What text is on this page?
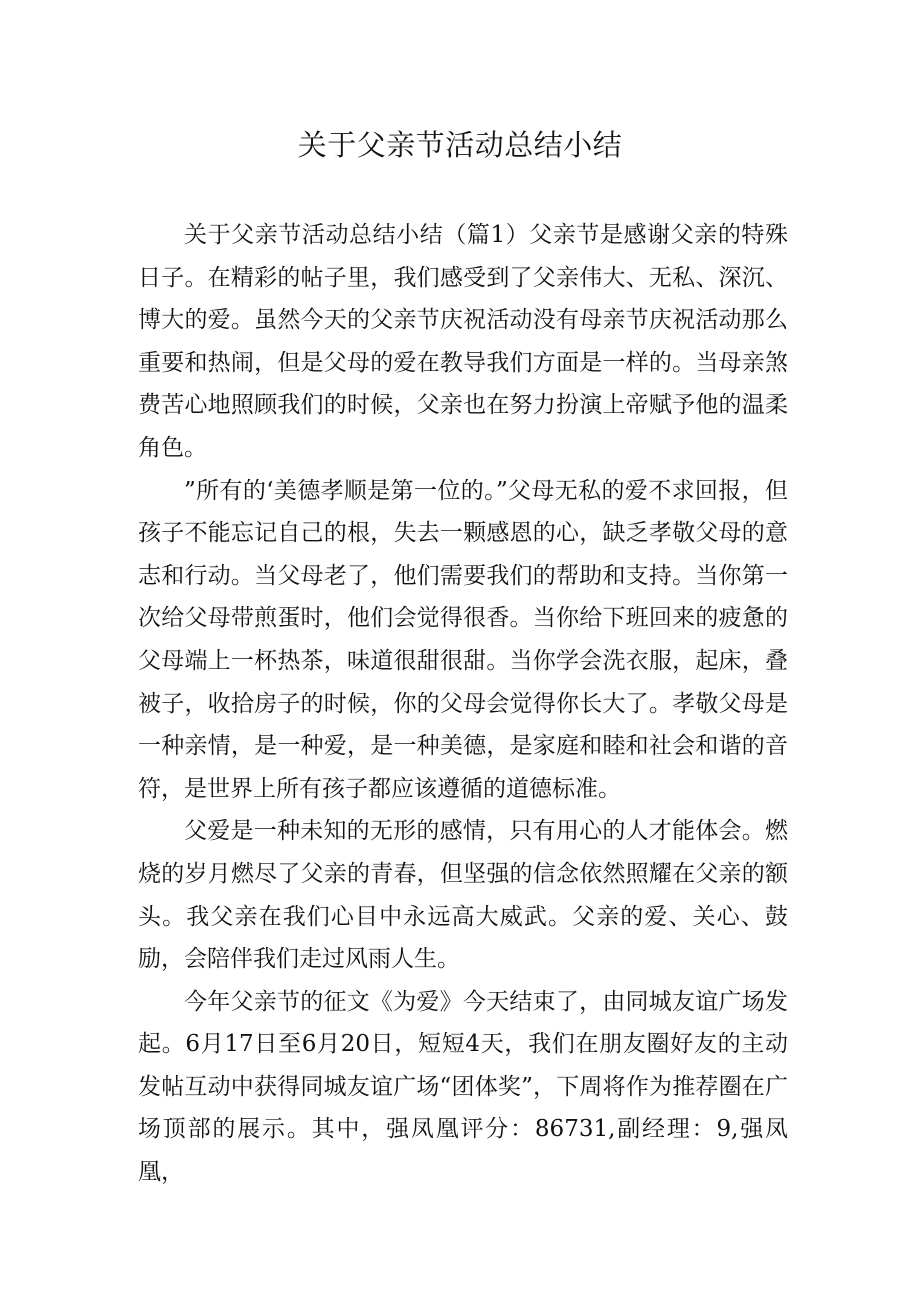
关于父亲节活动总结小结

关于父亲节活动总结小结（篇1）父亲节是感谢父亲的特殊日子。在精彩的帖子里，我们感受到了父亲伟大、无私、深沉、博大的爱。虽然今天的父亲节庆祝活动没有母亲节庆祝活动那么重要和热闹，但是父母的爱在教导我们方面是一样的。当母亲煞费苦心地照顾我们的时候，父亲也在努力扮演上帝赋予他的温柔角色。

”所有的‘美德孝顺是第一位的。”父母无私的爱不求回报，但孩子不能忘记自己的根，失去一颗感恩的心，缺乏孝敬父母的意志和行动。当父母老了，他们需要我们的帮助和支持。当你第一次给父母带煎蛋时，他们会觉得很香。当你给下班回来的疲惫的父母端上一杯热茶，味道很甜很甜。当你学会洗衣服，起床，叠被子，收拾房子的时候，你的父母会觉得你长大了。孝敬父母是一种亲情，是一种爱，是一种美德，是家庭和睦和社会和谐的音符，是世界上所有孩子都应该遵循的道德标准。

父爱是一种未知的无形的感情，只有用心的人才能体会。燃烧的岁月燃尽了父亲的青春，但坚强的信念依然照耀在父亲的额头。我父亲在我们心目中永远高大威武。父亲的爱、关心、鼓励，会陪伴我们走过风雨人生。

今年父亲节的征文《为爱》今天结束了，由同城友谊广场发起。6月17日至6月20日，短短4天，我们在朋友圈好友的主动发帖互动中获得同城友谊广场“团体奖”，下周将作为推荐圈在广场顶部的展示。其中，强凤凰评分：86731,副经理：9,强凤凰，
